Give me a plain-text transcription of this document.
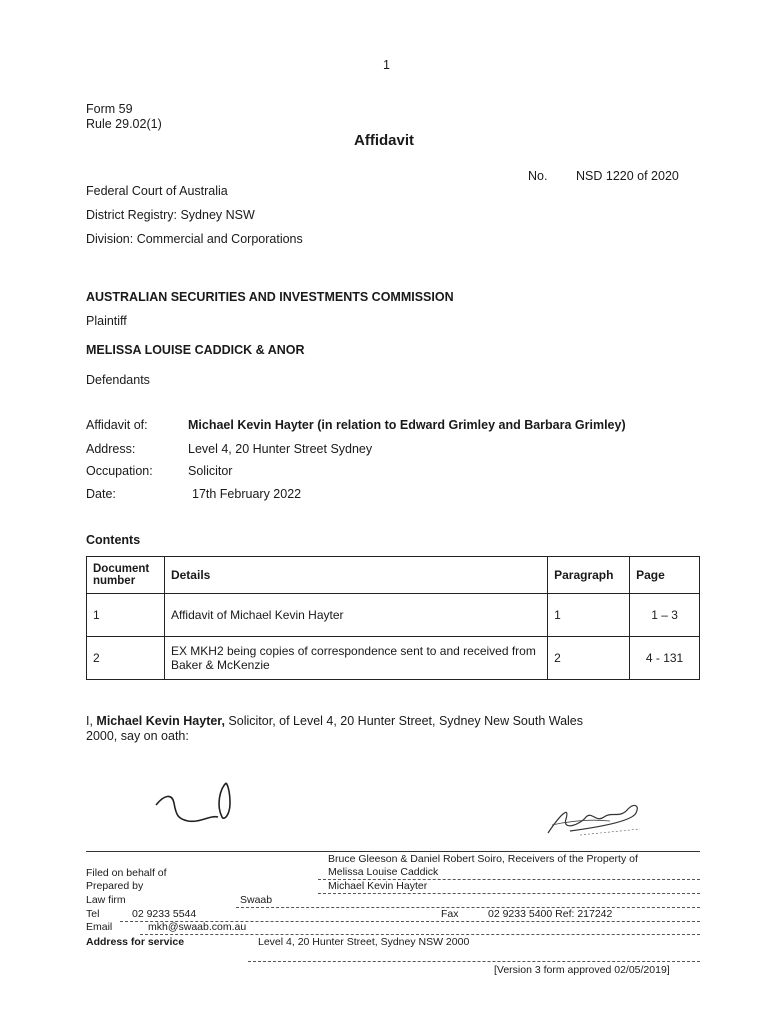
1
Form 59
Rule 29.02(1)
Affidavit
No. NSD 1220 of 2020
Federal Court of Australia
District Registry: Sydney NSW
Division: Commercial and Corporations
AUSTRALIAN SECURITIES AND INVESTMENTS COMMISSION
Plaintiff
MELISSA LOUISE CADDICK & ANOR
Defendants
Affidavit of:	Michael Kevin Hayter (in relation to Edward Grimley and Barbara Grimley)
Address:	Level 4, 20 Hunter Street Sydney
Occupation:	Solicitor
Date:	17th February 2022
Contents
Document number	Details	Paragraph	Page
1	Affidavit of Michael Kevin Hayter	1	1 – 3
2	EX MKH2 being copies of correspondence sent to and received from Baker & McKenzie	2	4 - 131
I, Michael Kevin Hayter, Solicitor, of Level 4, 20 Hunter Street, Sydney New South Wales
2000, say on oath:
Bruce Gleeson & Daniel Robert Soiro, Receivers of the Property of
Filed on behalf of	Melissa Louise Caddick
Prepared by	Michael Kevin Hayter
Law firm	Swaab
Tel	02 9233 5544	Fax	02 9233 5400 Ref: 217242
Email	mkh@swaab.com.au
Address for service	Level 4, 20 Hunter Street, Sydney NSW 2000
[Version 3 form approved 02/05/2019]
